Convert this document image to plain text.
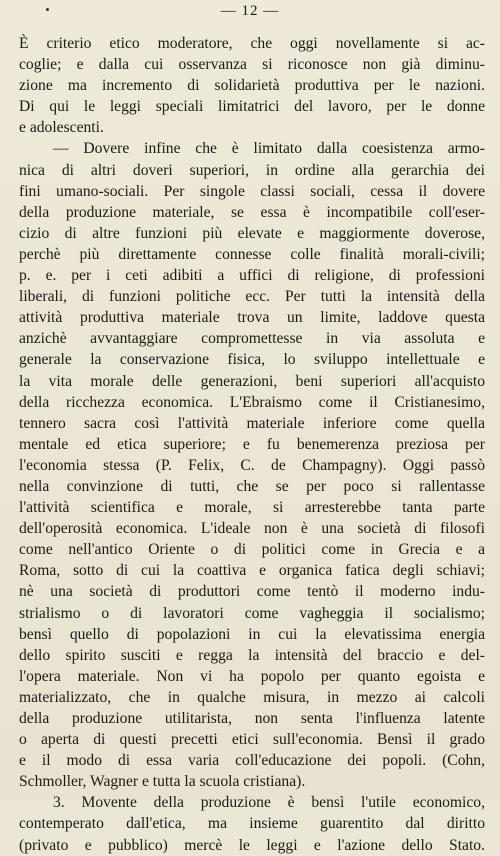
— 12 —
È criterio etico moderatore, che oggi novellamente si ac-
coglie; e dalla cui osservanza si riconosce non già diminu-
zione ma incremento di solidarietà produttiva per le nazioni.
Di qui le leggi speciali limitatrici del lavoro, per le donne
e adolescenti.
— Dovere infine che è limitato dalla coesistenza armo-
nica di altri doveri superiori, in ordine alla gerarchia dei
fini umano-sociali. Per singole classi sociali, cessa il dovere
della produzione materiale, se essa è incompatibile coll'eser-
cizio di altre funzioni più elevate e maggiormente doverose,
perchè più direttamente connesse colle finalità morali-civili;
p. e. per i ceti adibiti a uffici di religione, di professioni
liberali, di funzioni politiche ecc. Per tutti la intensità della
attività produttiva materiale trova un limite, laddove questa
anzichè avvantaggiare compromettesse in via assoluta e
generale la conservazione fisica, lo sviluppo intellettuale e
la vita morale delle generazioni, beni superiori all'acquisto
della ricchezza economica. L'Ebraismo come il Cristianesimo,
tennero sacra così l'attività materiale inferiore come quella
mentale ed etica superiore; e fu benemerenza preziosa per
l'economia stessa (P. Felix, C. de Champagny). Oggi passò
nella convinzione di tutti, che se per poco si rallentasse
l'attività scientifica e morale, si arresterebbe tanta parte
dell'operosità economica. L'ideale non è una società di filosofi
come nell'antico Oriente o di politici come in Grecia e a
Roma, sotto di cui la coattiva e organica fatica degli schiavi;
nè una società di produttori come tentò il moderno indu-
strialismo o di lavoratori come vagheggia il socialismo;
bensì quello di popolazioni in cui la elevatissima energia
dello spirito susciti e regga la intensità del braccio e del-
l'opera materiale. Non vi ha popolo per quanto egoista e
materializzato, che in qualche misura, in mezzo ai calcoli
della produzione utilitarista, non senta l'influenza latente
o aperta di questi precetti etici sull'economia. Bensì il grado
e il modo di essa varia coll'educazione dei popoli. (Cohn,
Schmoller, Wagner e tutta la scuola cristiana).
3. Movente della produzione è bensì l'utile economico,
contemperato dall'etica, ma insieme guarentito dal diritto
(privato e pubblico) mercè le leggi e l'azione dello Stato.
